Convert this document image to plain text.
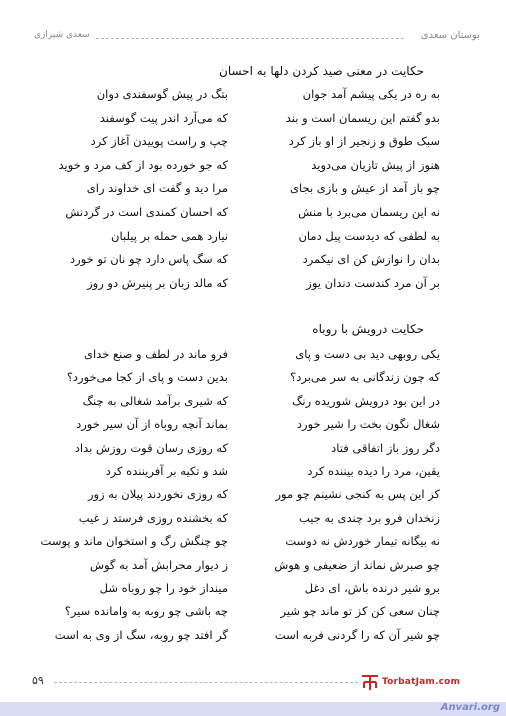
بوستان سعدی
سعدی شیرازی
حکایت در معنی صید کردن دلها به احسان
به ره در یکی پیشم آمد جوان
بتگ در پیش گوسفندی دوان
بدو گفتم این ریسمان است و بند
که می‌آرد اندر پیت گوسفند
سبک طوق و زنجیر از او باز کرد
چپ و راست پوییدن آغاز کرد
هنوز از پیش تازیان می‌دوید
که جو خورده بود از کف مرد و خوید
چو باز آمد از عیش و بازی بجای
مرا دید و گفت ای خداوند رای
نه این ریسمان می‌برد با منش
که احسان کمندی است در گردنش
به لطفی که دیدست پیل دمان
نیارد همی حمله بر پیلبان
بدان را نوازش کن ای نیکمرد
که سگ پاس دارد چو نان تو خورد
بر آن مرد کندست دندان یوز
که مالد زبان بر پنیرش دو روز
حکایت درویش با روباه
یکی روبهی دید بی دست و پای
فرو ماند در لطف و صنع خدای
که چون زندگانی به سر می‌برد؟
بدین دست و پای از کجا می‌خورد؟
در این بود درویش شوریده رنگ
که شیری برآمد شغالی به چنگ
شغال نگون بخت را شیر خورد
بماند آنچه روباه از آن سیر خورد
دگر روز باز اتفاقی فتاد
که روزی رسان قوت روزش بداد
یقین، مرد را دیده بیننده کرد
شد و تکیه بر آفریننده کرد
کز این پس به کنجی نشینم چو مور
که روزی نخوردند پیلان به زور
زنخدان فرو برد چندی به جیب
که بخشنده روزی فرستد ز غیب
نه بیگانه تیمار خوردش نه دوست
چو چنگش رگ و استخوان ماند و پوست
چو صبرش نماند از ضعیفی و هوش
ز دیوار محرابش آمد به گوش
برو شیر درنده باش، ای دغل
مینداز خود را چو روباه شل
چنان سعی کن کز تو ماند چو شیر
چه باشی چو روبه به وامانده سیر؟
چو شیر آن که را گردنی فربه است
گر افتد چو روبه، سگ از وی به است
۵۹	TorbatJam.com
Anvari.org
